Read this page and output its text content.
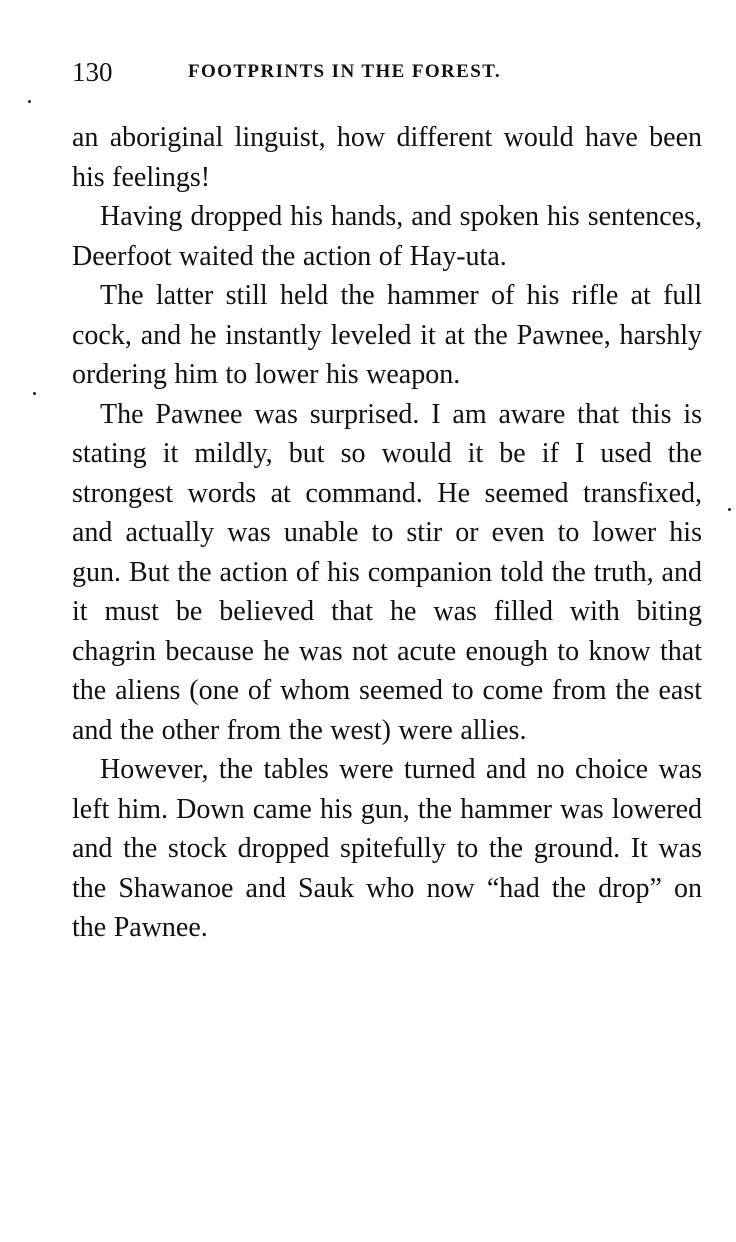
130	FOOTPRINTS IN THE FOREST.

an aboriginal linguist, how different would have been his feelings!

Having dropped his hands, and spoken his sentences, Deerfoot waited the action of Hay-uta.

The latter still held the hammer of his rifle at full cock, and he instantly leveled it at the Pawnee, harshly ordering him to lower his weapon.

The Pawnee was surprised. I am aware that this is stating it mildly, but so would it be if I used the strongest words at command. He seemed transfixed, and actually was unable to stir or even to lower his gun. But the action of his companion told the truth, and it must be believed that he was filled with biting chagrin because he was not acute enough to know that the aliens (one of whom seemed to come from the east and the other from the west) were allies.

However, the tables were turned and no choice was left him. Down came his gun, the hammer was lowered and the stock dropped spitefully to the ground. It was the Shawanoe and Sauk who now “had the drop” on the Pawnee.
